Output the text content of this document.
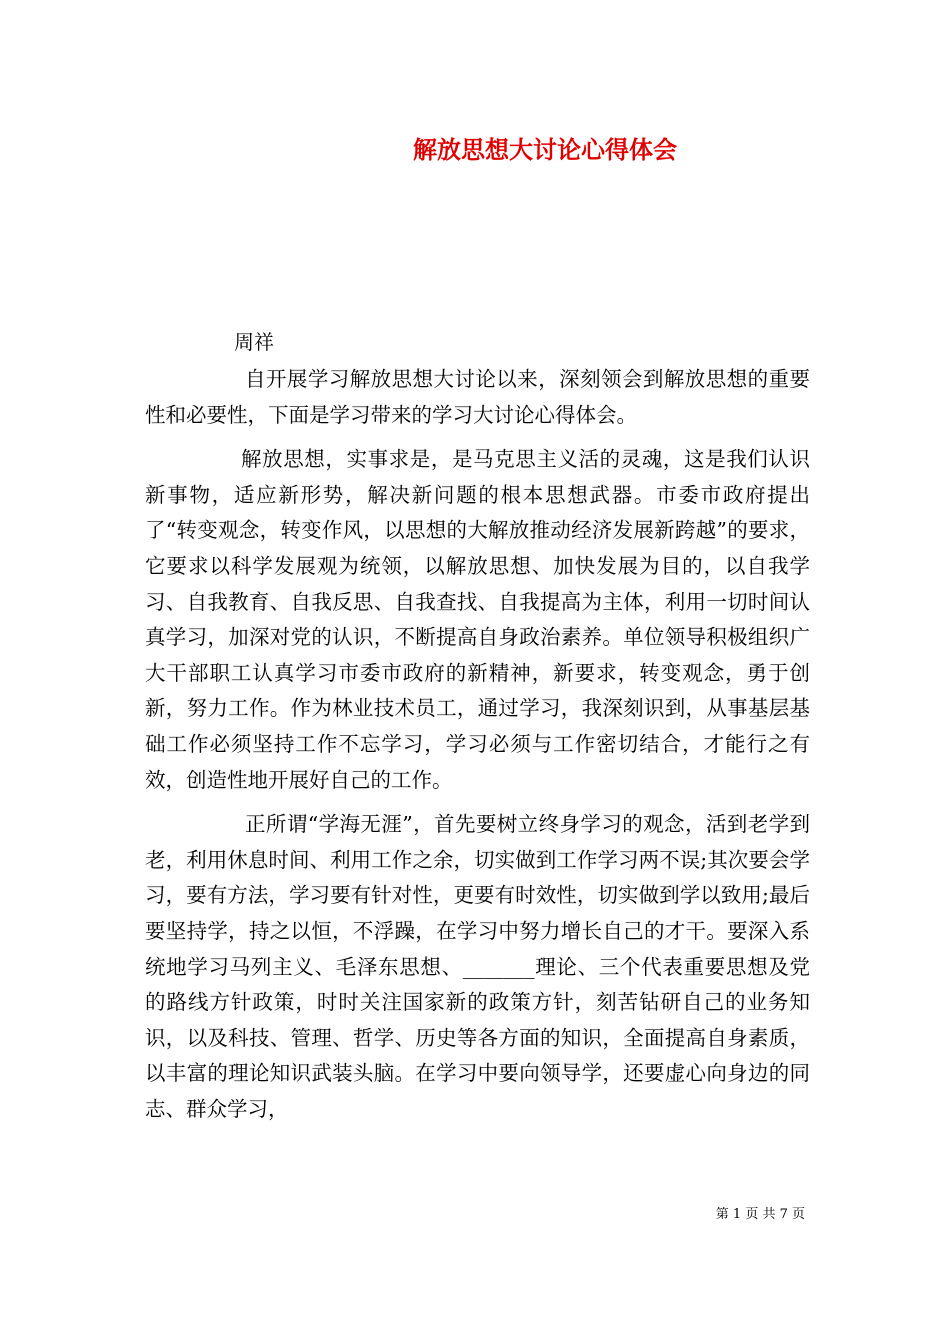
解放思想大讨论心得体会
周祥

自开展学习解放思想大讨论以来，深刻领会到解放思想的重要性和必要性，下面是学习带来的学习大讨论心得体会。

解放思想，实事求是，是马克思主义活的灵魂，这是我们认识新事物，适应新形势，解决新问题的根本思想武器。市委市政府提出了“转变观念，转变作风，以思想的大解放推动经济发展新跨越”的要求，它要求以科学发展观为统领，以解放思想、加快发展为目的，以自我学习、自我教育、自我反思、自我查找、自我提高为主体，利用一切时间认真学习，加深对党的认识，不断提高自身政治素养。单位领导积极组织广大干部职工认真学习市委市政府的新精神，新要求，转变观念，勇于创新，努力工作。作为林业技术员工，通过学习，我深刻识到，从事基层基础工作必须坚持工作不忘学习，学习必须与工作密切结合，才能行之有效，创造性地开展好自己的工作。

正所谓“学海无涯”，首先要树立终身学习的观念，活到老学到老，利用休息时间、利用工作之余，切实做到工作学习两不误;其次要会学习，要有方法，学习要有针对性，更要有时效性，切实做到学以致用;最后要坚持学，持之以恒，不浮躁，在学习中努力增长自己的才干。要深入系统地学习马列主义、毛泽东思想、_______理论、三个代表重要思想及党的路线方针政策，时时关注国家新的政策方针，刻苦钻研自己的业务知识，以及科技、管理、哲学、历史等各方面的知识，全面提高自身素质，以丰富的理论知识武装头脑。在学习中要向领导学，还要虚心向身边的同志、群众学习，

第 1 页 共 7 页
